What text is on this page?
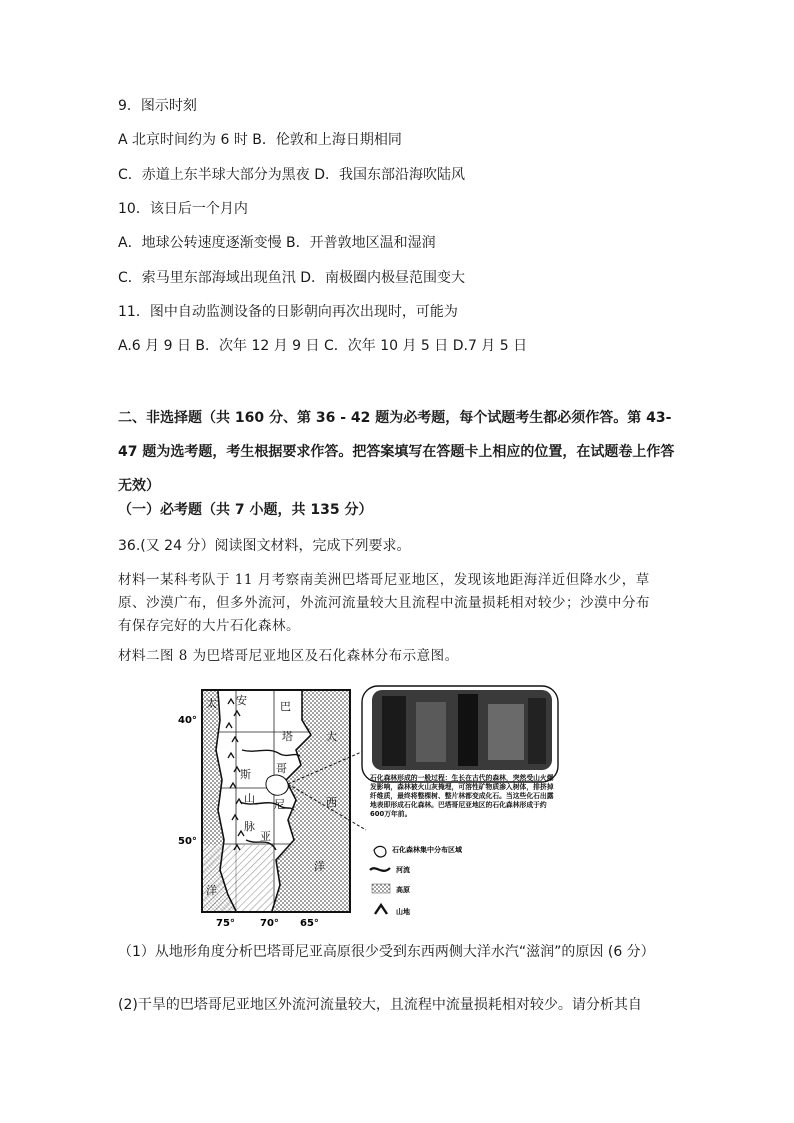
9．图示时刻
A 北京时间约为 6 时 B．伦敦和上海日期相同
C．赤道上东半球大部分为黑夜 D．我国东部沿海吹陆风
10．该日后一个月内
A．地球公转速度逐渐变慢 B．开普敦地区温和湿润
C．索马里东部海域出现鱼汛 D．南极圈内极昼范围变大
11．图中自动监测设备的日影朝向再次出现时，可能为
A.6 月 9 日 B．次年 12 月 9 日 C．次年 10 月 5 日 D.7 月 5 日
二、非选择题（共 160 分、第 36 - 42 题为必考题，每个试题考生都必须作答。第 43-47 题为选考题，考生根据要求作答。把答案填写在答题卡上相应的位置，在试题卷上作答无效）
（一）必考题（共 7 小题，共 135 分）
36.(又 24 分）阅读图文材料，完成下列要求。
材料一某科考队于 11 月考察南美洲巴塔哥尼亚地区，发现该地距海洋近但降水少，草
原、沙漠广布，但多外流河，外流河流量较大且流程中流量损耗相对较少；沙漠中分布
有保存完好的大片石化森林。
材料二图 8 为巴塔哥尼亚地区及石化森林分布示意图。
40°
50°
75°	70° 65°
太 安	巴
塔	大
哥
斯
尼	西
亚
洋
洋
山
脉
石化森林形成的一般过程：生长在古代的森林，突然受山火爆发影响，森林被火山灰掩埋，可溶性矿物质渗入树体，排挤掉纤维质，最终将整棵树、整片林都变成化石。当这些化石出露地表即形成石化森林。巴塔哥尼亚地区的石化森林形成于约600万年前。
石化森林集中分布区域
河流
高原
山地
（1）从地形角度分析巴塔哥尼亚高原很少受到东西两侧大洋水汽“滋润”的原因 (6 分）
(2)干旱的巴塔哥尼亚地区外流河流量较大，且流程中流量损耗相对较少。请分析其自
